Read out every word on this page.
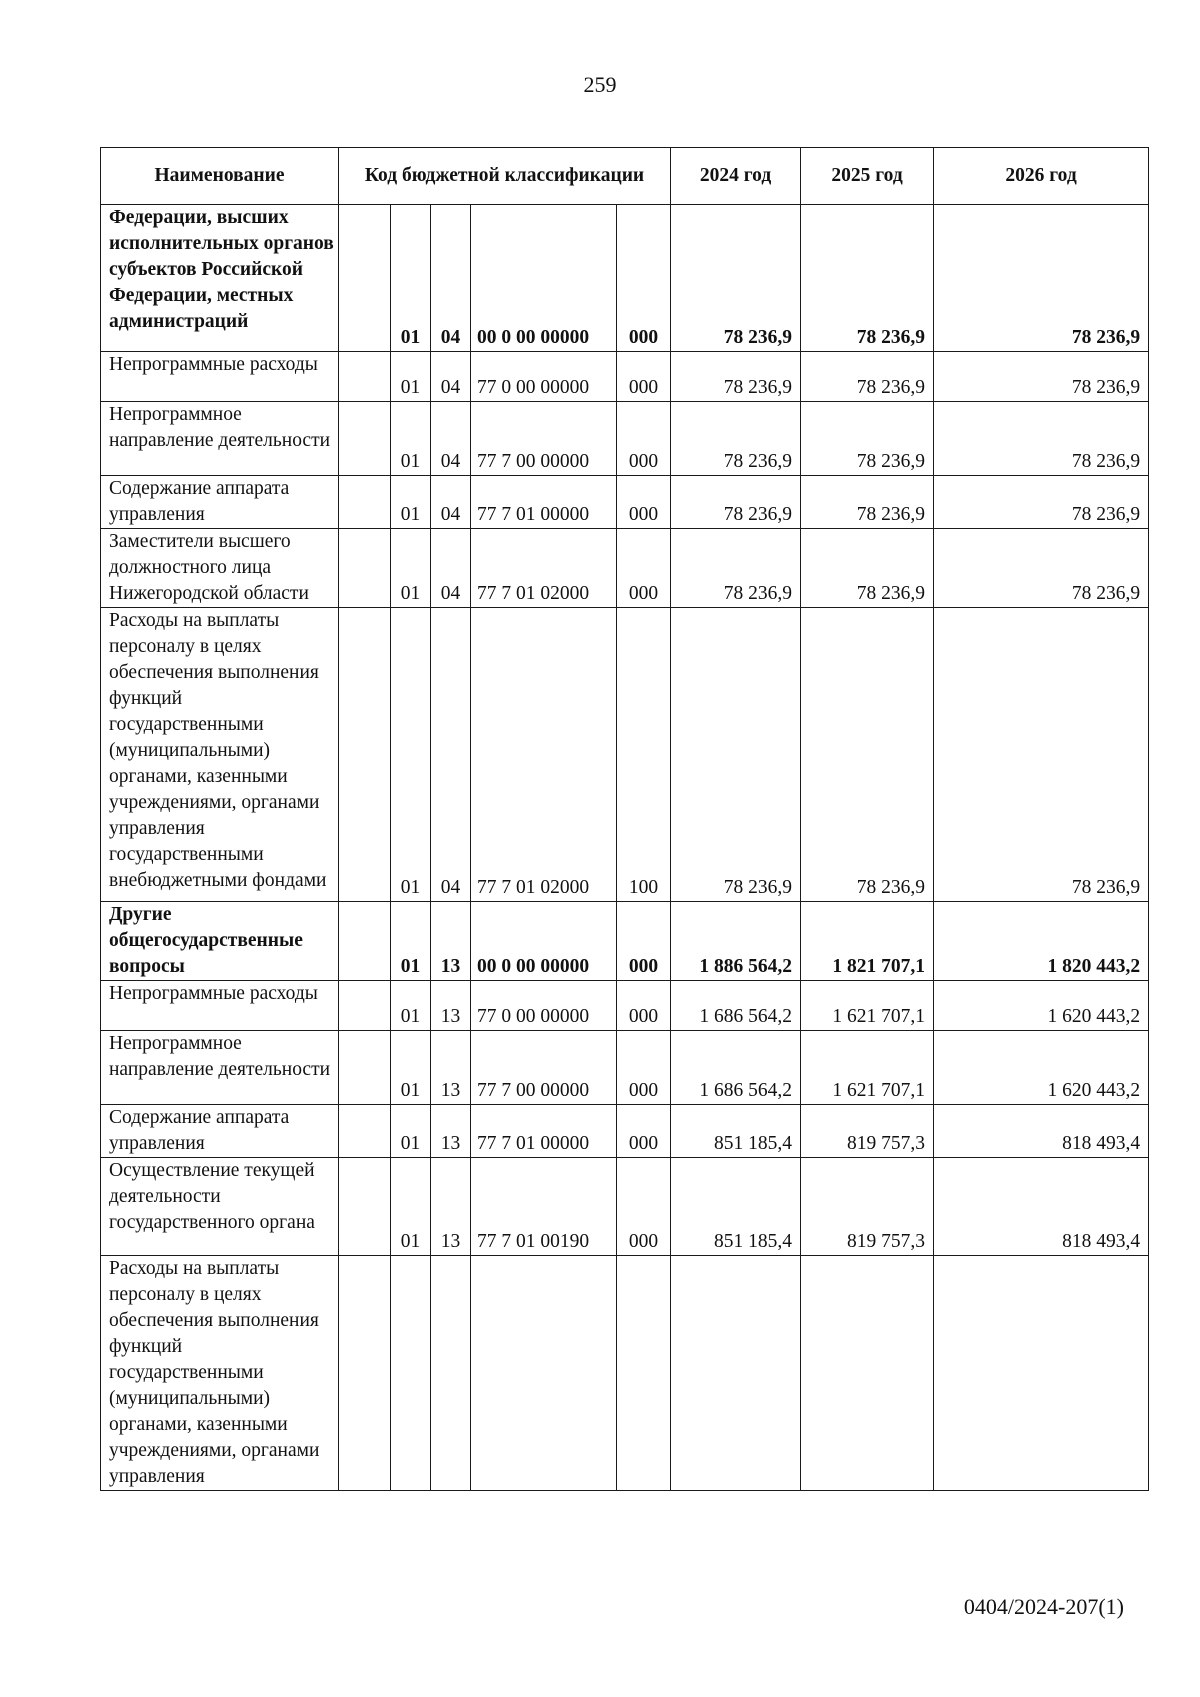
259
Наименование	Код бюджетной классификации					2024 год	2025 год	2026 год
Федерации, высших исполнительных органов субъектов Российской Федерации, местных администраций		01	04	00 0 00 00000	000	78 236,9	78 236,9	78 236,9
Непрограммные расходы		01	04	77 0 00 00000	000	78 236,9	78 236,9	78 236,9
Непрограммное направление деятельности		01	04	77 7 00 00000	000	78 236,9	78 236,9	78 236,9
Содержание аппарата управления		01	04	77 7 01 00000	000	78 236,9	78 236,9	78 236,9
Заместители высшего должностного лица Нижегородской области		01	04	77 7 01 02000	000	78 236,9	78 236,9	78 236,9
Расходы на выплаты персоналу в целях обеспечения выполнения функций государственными (муниципальными) органами, казенными учреждениями, органами управления государственными внебюджетными фондами		01	04	77 7 01 02000	100	78 236,9	78 236,9	78 236,9
Другие общегосударственные вопросы		01	13	00 0 00 00000	000	1 886 564,2	1 821 707,1	1 820 443,2
Непрограммные расходы		01	13	77 0 00 00000	000	1 686 564,2	1 621 707,1	1 620 443,2
Непрограммное направление деятельности		01	13	77 7 00 00000	000	1 686 564,2	1 621 707,1	1 620 443,2
Содержание аппарата управления		01	13	77 7 01 00000	000	851 185,4	819 757,3	818 493,4
Осуществление текущей деятельности государственного органа		01	13	77 7 01 00190	000	851 185,4	819 757,3	818 493,4
Расходы на выплаты персоналу в целях обеспечения выполнения функций государственными (муниципальными) органами, казенными учреждениями, органами управления								
0404/2024-207(1)
